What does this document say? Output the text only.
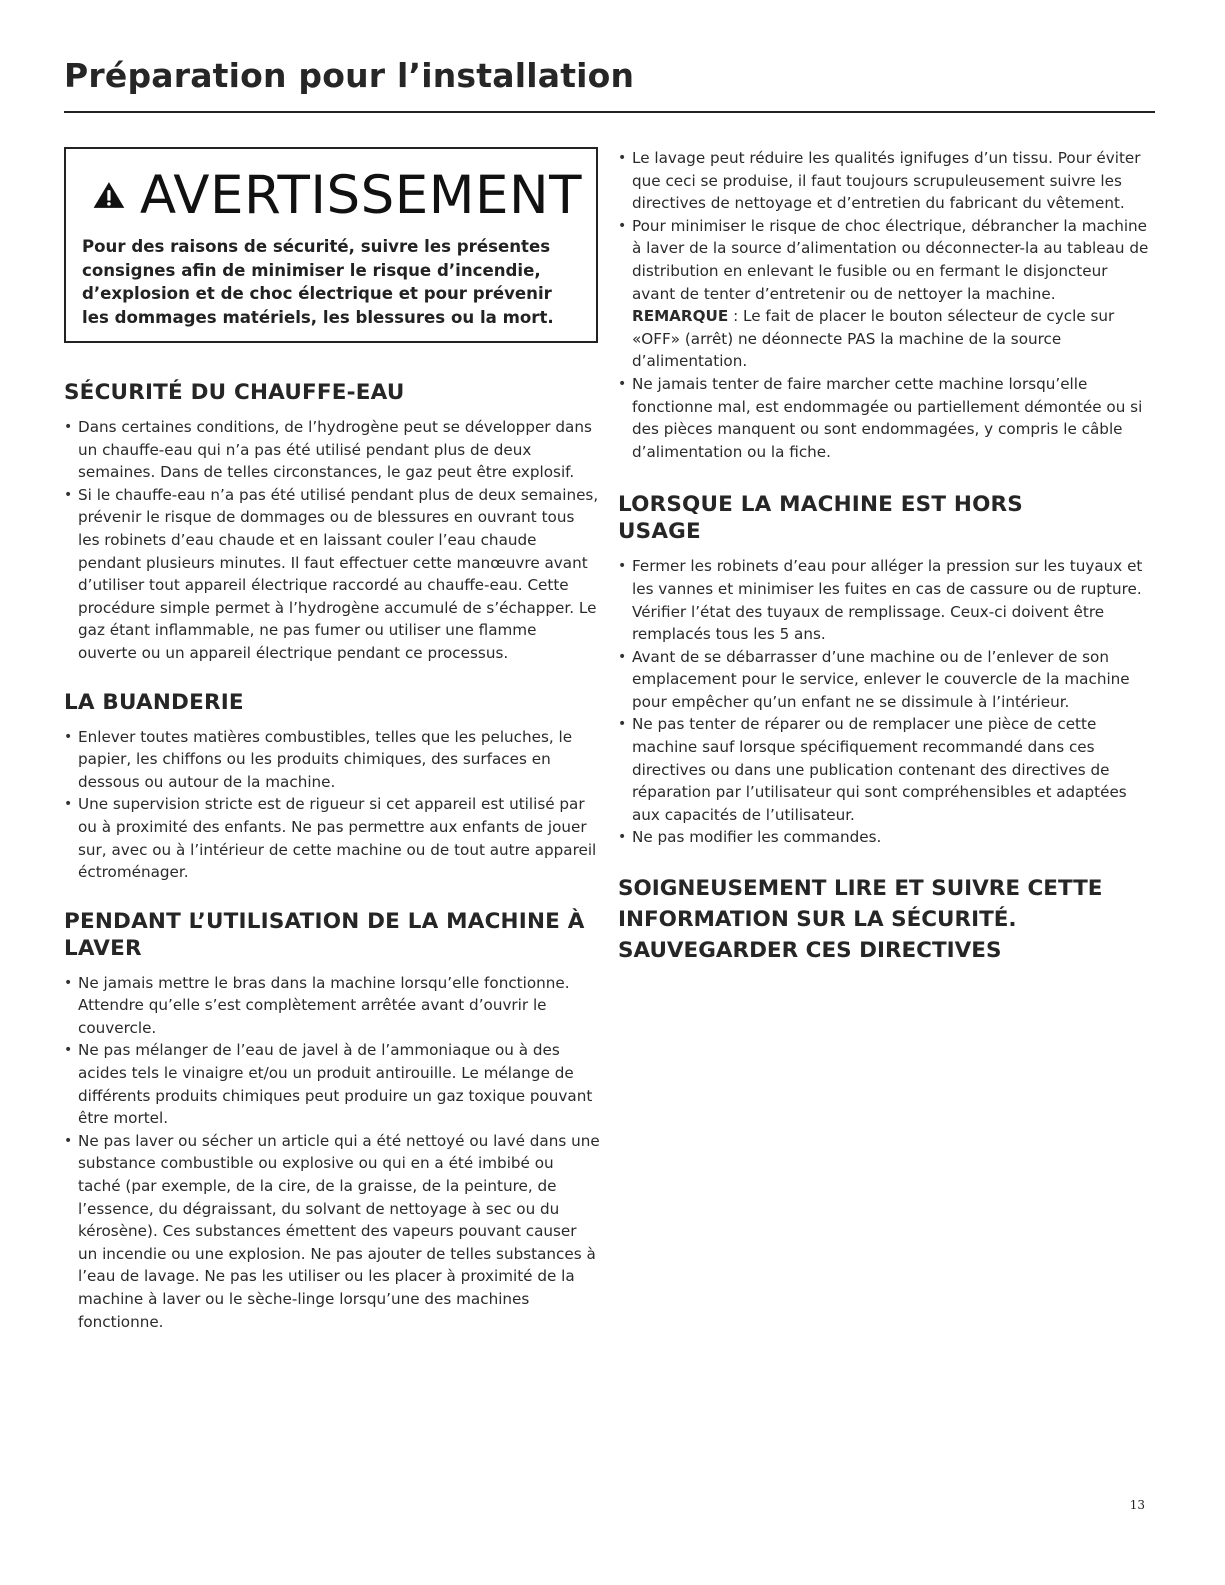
Préparation pour l’installation
AVERTISSEMENT
Pour des raisons de sécurité, suivre les présentes consignes afin de minimiser le risque d’incendie, d’explosion et de choc électrique et pour prévenir les dommages matériels, les blessures ou la mort.
SÉCURITÉ DU CHAUFFE-EAU
• Dans certaines conditions, de l’hydrogène peut se développer dans un chauffe-eau qui n’a pas été utilisé pendant plus de deux semaines. Dans de telles circonstances, le gaz peut être explosif.
• Si le chauffe-eau n’a pas été utilisé pendant plus de deux semaines, prévenir le risque de dommages ou de blessures en ouvrant tous les robinets d’eau chaude et en laissant couler l’eau chaude pendant plusieurs minutes. Il faut effectuer cette manœuvre avant d’utiliser tout appareil électrique raccordé au chauffe-eau. Cette procédure simple permet à l’hydrogène accumulé de s’échapper. Le gaz étant inflammable, ne pas fumer ou utiliser une flamme ouverte ou un appareil électrique pendant ce processus.
LA BUANDERIE
• Enlever toutes matières combustibles, telles que les peluches, le papier, les chiffons ou les produits chimiques, des surfaces en dessous ou autour de la machine.
• Une supervision stricte est de rigueur si cet appareil est utilisé par ou à proximité des enfants. Ne pas permettre aux enfants de jouer sur, avec ou à l’intérieur de cette machine ou de tout autre appareil éctroménager.
PENDANT L’UTILISATION DE LA MACHINE À LAVER
• Ne jamais mettre le bras dans la machine lorsqu’elle fonctionne. Attendre qu’elle s’est complètement arrêtée avant d’ouvrir le couvercle.
• Ne pas mélanger de l’eau de javel à de l’ammoniaque ou à des acides tels le vinaigre et/ou un produit antirouille. Le mélange de différents produits chimiques peut produire un gaz toxique pouvant être mortel.
• Ne pas laver ou sécher un article qui a été nettoyé ou lavé dans une substance combustible ou explosive ou qui en a été imbibé ou taché (par exemple, de la cire, de la graisse, de la peinture, de l’essence, du dégraissant, du solvant de nettoyage à sec ou du kérosène). Ces substances émettent des vapeurs pouvant causer un incendie ou une explosion. Ne pas ajouter de telles substances à l’eau de lavage. Ne pas les utiliser ou les placer à proximité de la machine à laver ou le sèche-linge lorsqu’une des machines fonctionne.
• Le lavage peut réduire les qualités ignifuges d’un tissu. Pour éviter que ceci se produise, il faut toujours scrupuleusement suivre les directives de nettoyage et d’entretien du fabricant du vêtement.
• Pour minimiser le risque de choc électrique, débrancher la machine à laver de la source d’alimentation ou déconnecter-la au tableau de distribution en enlevant le fusible ou en fermant le disjoncteur avant de tenter d’entretenir ou de nettoyer la machine. REMARQUE : Le fait de placer le bouton sélecteur de cycle sur «OFF» (arrêt) ne déonnecte PAS la machine de la source d’alimentation.
• Ne jamais tenter de faire marcher cette machine lorsqu’elle fonctionne mal, est endommagée ou partiellement démontée ou si des pièces manquent ou sont endommagées, y compris le câble d’alimentation ou la fiche.
LORSQUE LA MACHINE EST HORS USAGE
• Fermer les robinets d’eau pour alléger la pression sur les tuyaux et les vannes et minimiser les fuites en cas de cassure ou de rupture. Vérifier l’état des tuyaux de remplissage. Ceux-ci doivent être remplacés tous les 5 ans.
• Avant de se débarrasser d’une machine ou de l’enlever de son emplacement pour le service, enlever le couvercle de la machine pour empêcher qu’un enfant ne se dissimule à l’intérieur.
• Ne pas tenter de réparer ou de remplacer une pièce de cette machine sauf lorsque spécifiquement recommandé dans ces directives ou dans une publication contenant des directives de réparation par l’utilisateur qui sont compréhensibles et adaptées aux capacités de l’utilisateur.
• Ne pas modifier les commandes.
SOIGNEUSEMENT LIRE ET SUIVRE CETTE
INFORMATION SUR LA SÉCURITÉ.
SAUVEGARDER CES DIRECTIVES
13
